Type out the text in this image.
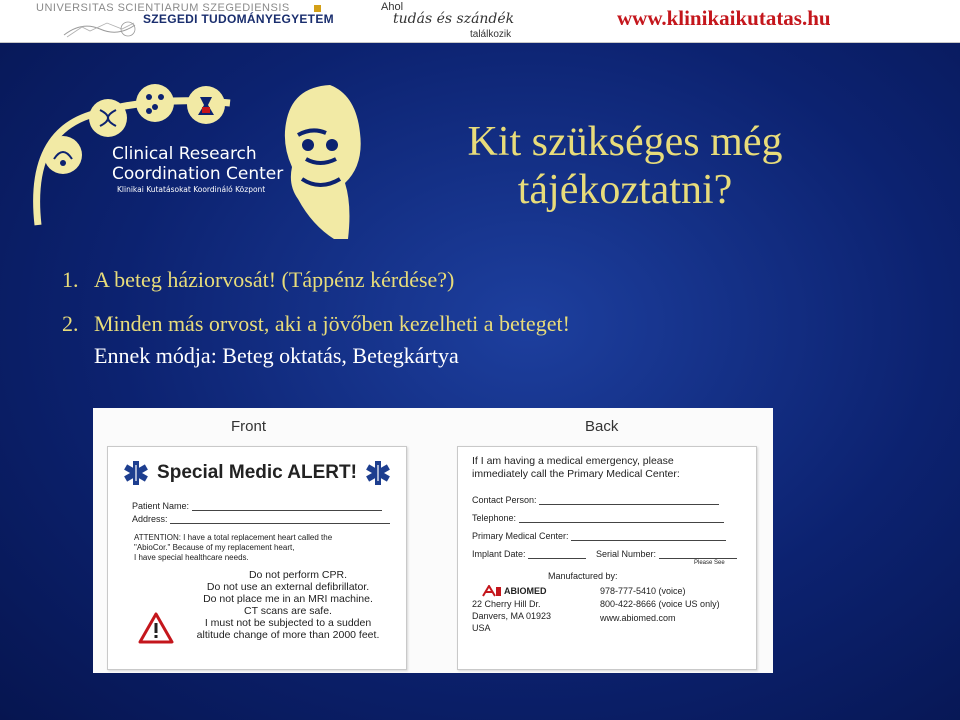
UNIVERSITAS SCIENTIARUM SZEGEDIENSIS
SZEGEDI TUDOMÁNYEGYETEM
Ahol
tudás és szándék
találkozik
www.klinikaikutatas.hu
Clinical Research
Coordination Center
Klinikai Kutatásokat Koordináló Központ
Kit szükséges még
tájékoztatni?
1. A beteg háziorvosát! (Táppénz kérdése?)
2. Minden más orvost, aki a jövőben kezelheti a beteget!
Ennek módja: Beteg oktatás, Betegkártya
Front	Back
Special Medic ALERT!
Patient Name:
Address:
ATTENTION: I have a total replacement heart called the
"AbioCor." Because of my replacement heart,
I have special healthcare needs.
Do not perform CPR.
Do not use an external defibrillator.
Do not place me in an MRI machine.
CT scans are safe.
I must not be subjected to a sudden
altitude change of more than 2000 feet.
If I am having a medical emergency, please
immediately call the Primary Medical Center:
Contact Person:
Telephone:
Primary Medical Center:
Implant Date:	Serial Number:
Please See
Manufactured by:
ABIOMED
22 Cherry Hill Dr.
Danvers, MA 01923
USA
978-777-5410 (voice)
800-422-8666 (voice US only)
www.abiomed.com
